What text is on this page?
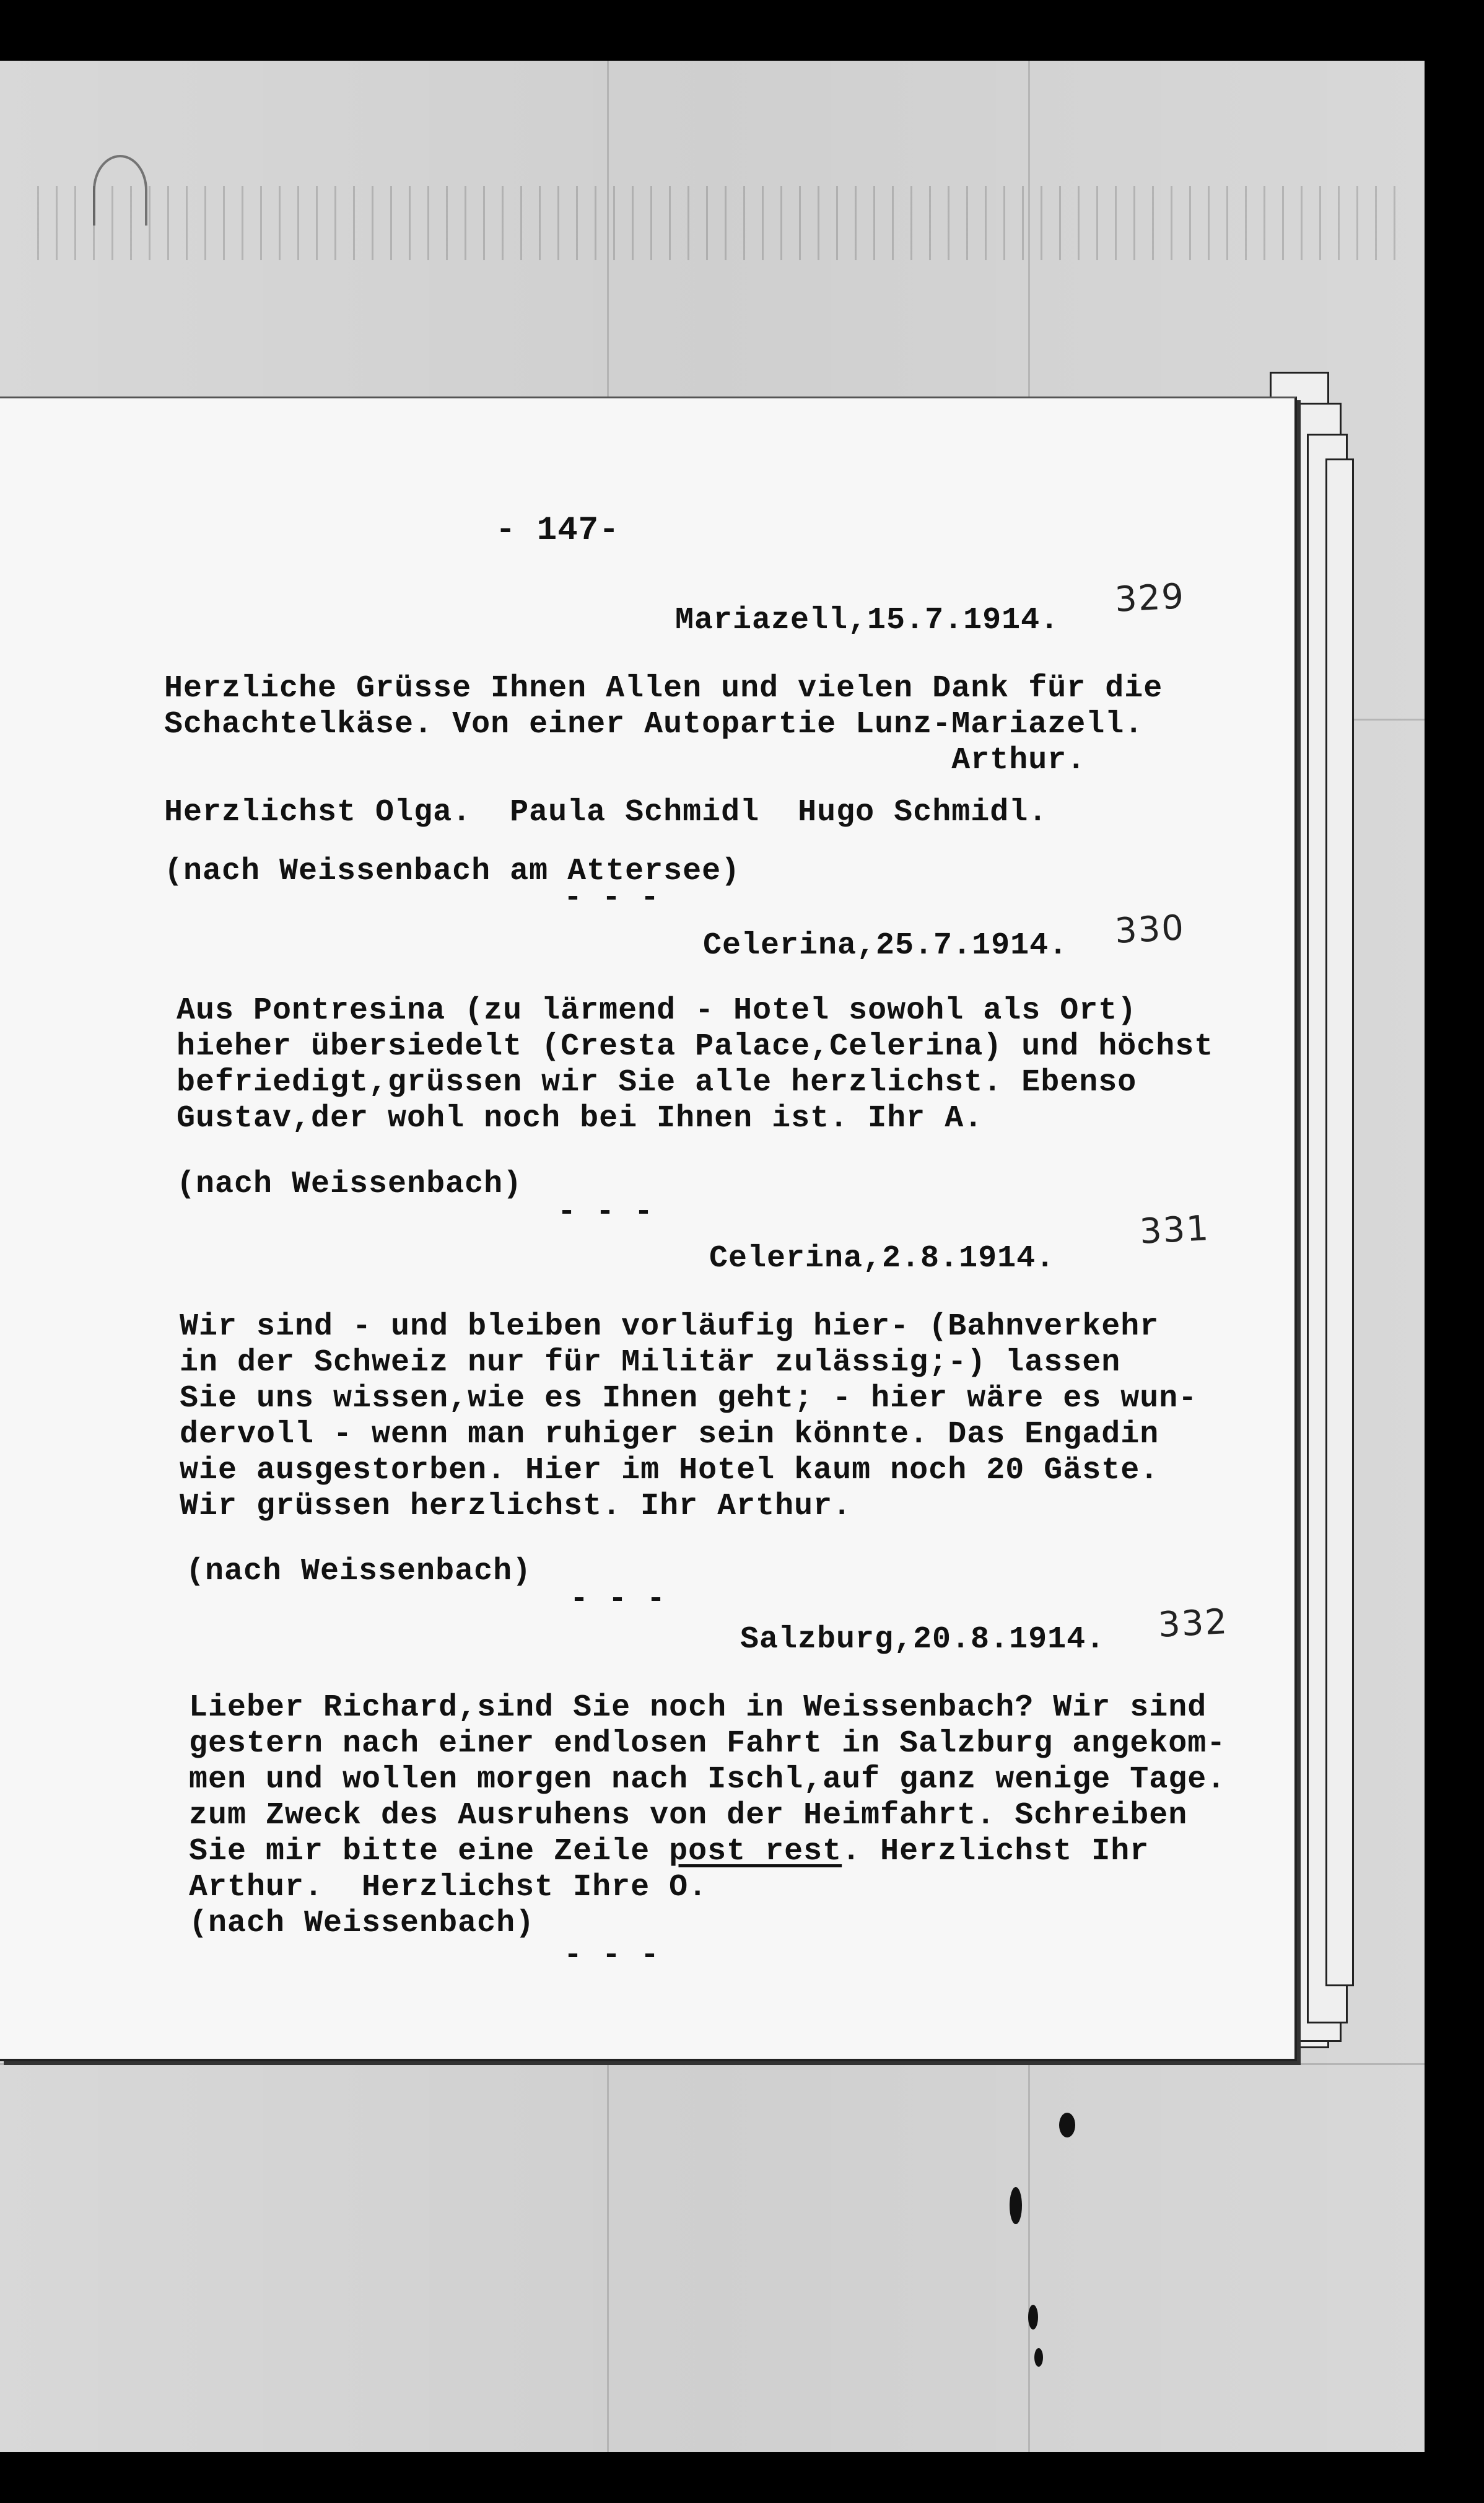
- 147-

Mariazell,15.7.1914.

329

Herzliche Grüsse Ihnen Allen und vielen Dank für die

Schachtelkäse. Von einer Autopartie Lunz-Mariazell.

Arthur.

Herzlichst Olga.  Paula Schmidl  Hugo Schmidl.

(nach Weissenbach am Attersee)

- - -

Celerina,25.7.1914. 330

Aus Pontresina (zu lärmend - Hotel sowohl als Ort)

hieher übersiedelt (Cresta Palace,Celerina) und höchst

befriedigt,grüssen wir Sie alle herzlichst. Ebenso

Gustav,der wohl noch bei Ihnen ist. Ihr A.

(nach Weissenbach)

- - -

Celerina,2.8.1914.

331

Wir sind - und bleiben vorläufig hier- (Bahnverkehr

in der Schweiz nur für Militär zulässig;-) lassen

Sie uns wissen,wie es Ihnen geht; - hier wäre es wun-

dervoll - wenn man ruhiger sein könnte. Das Engadin

wie ausgestorben. Hier im Hotel kaum noch 20 Gäste.

Wir grüssen herzlichst. Ihr Arthur.

(nach Weissenbach)

- - -

Salzburg,20.8.1914. 332

Lieber Richard,sind Sie noch in Weissenbach? Wir sind

gestern nach einer endlosen Fahrt in Salzburg angekom-

men und wollen morgen nach Ischl,auf ganz wenige Tage.

zum Zweck des Ausruhens von der Heimfahrt. Schreiben

Sie mir bitte eine Zeile post rest. Herzlichst Ihr

Arthur.  Herzlichst Ihre O.

(nach Weissenbach)

- - -
